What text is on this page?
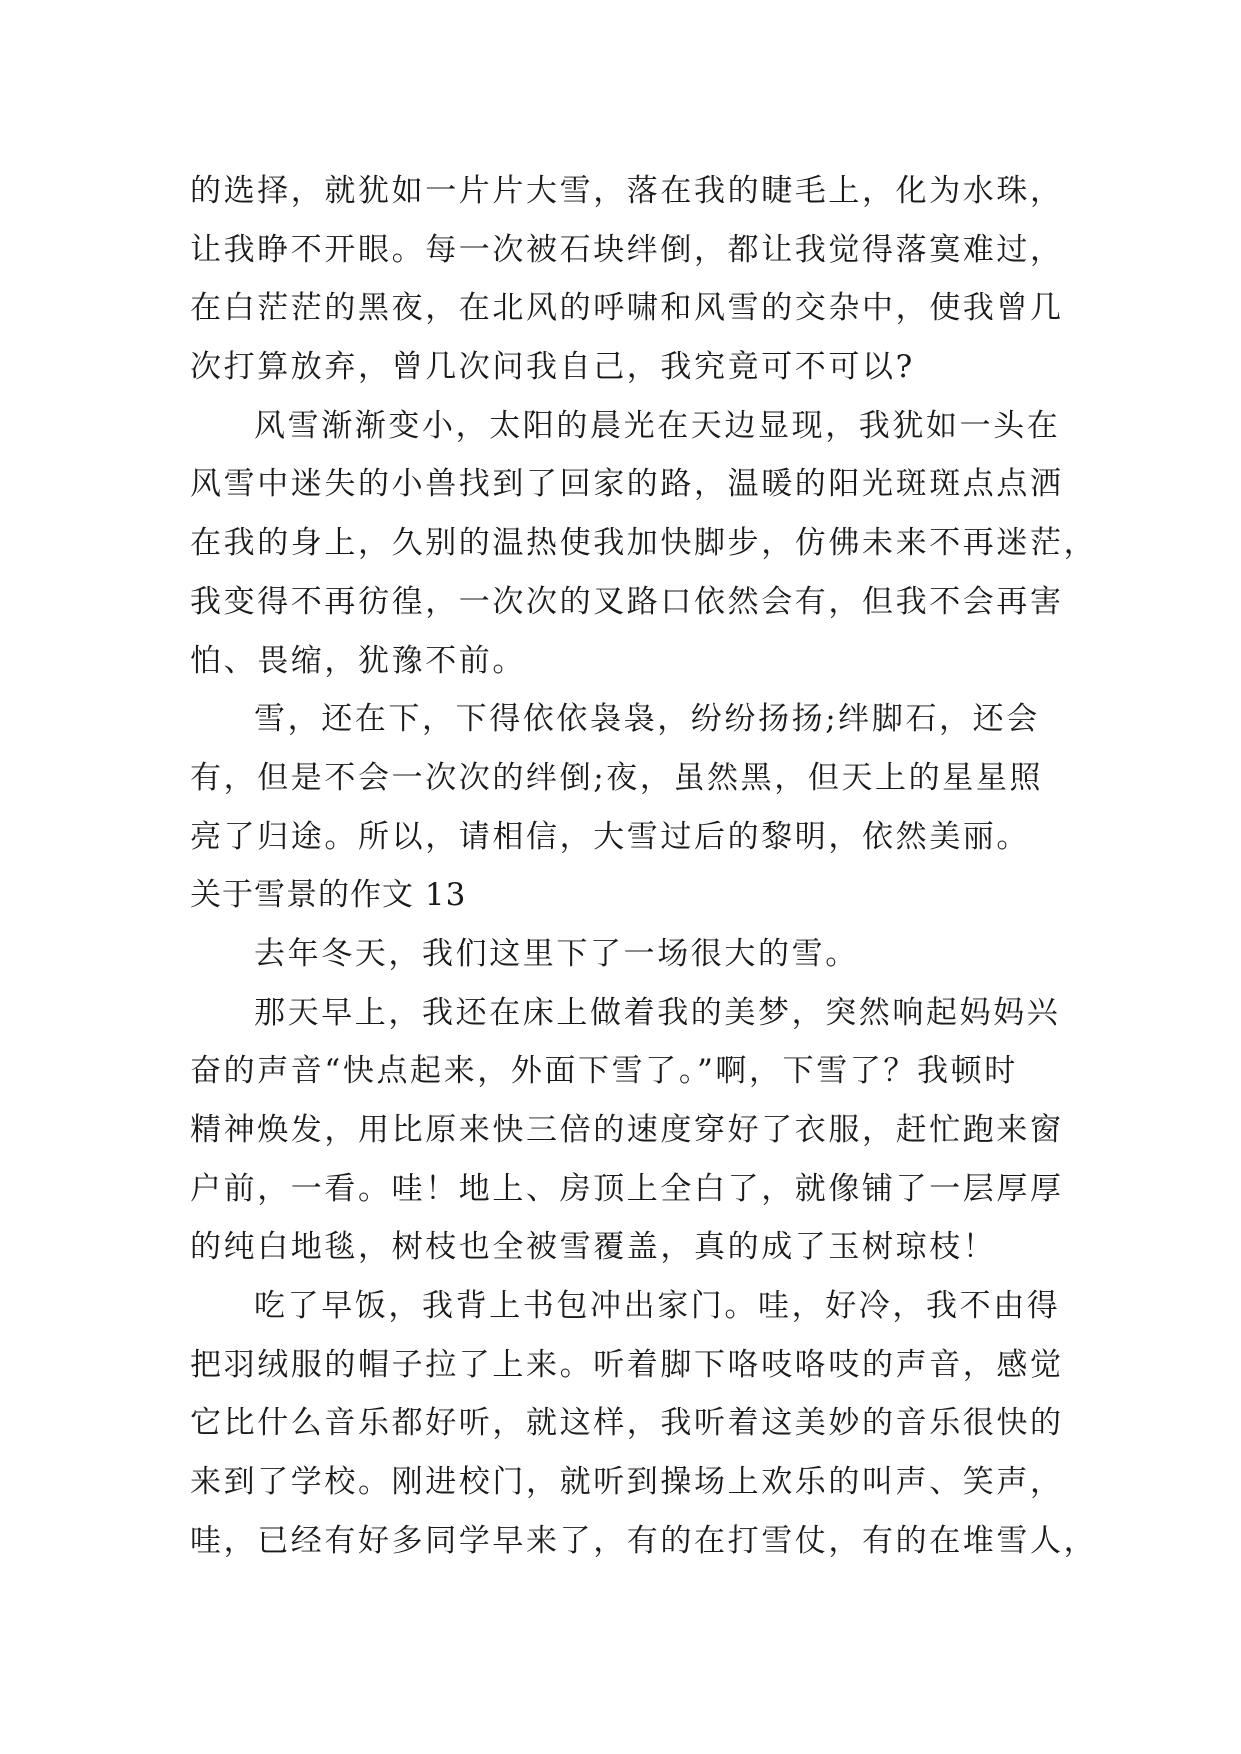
的选择，就犹如一片片大雪，落在我的睫毛上，化为水珠，
让我睁不开眼。每一次被石块绊倒，都让我觉得落寞难过，
在白茫茫的黑夜，在北风的呼啸和风雪的交杂中，使我曾几
次打算放弃，曾几次问我自己，我究竟可不可以?
风雪渐渐变小，太阳的晨光在天边显现，我犹如一头在
风雪中迷失的小兽找到了回家的路，温暖的阳光斑斑点点洒
在我的身上，久别的温热使我加快脚步，仿佛未来不再迷茫，
我变得不再彷徨，一次次的叉路口依然会有，但我不会再害
怕、畏缩，犹豫不前。
雪，还在下，下得依依袅袅，纷纷扬扬;绊脚石，还会
有，但是不会一次次的绊倒;夜，虽然黑，但天上的星星照
亮了归途。所以，请相信，大雪过后的黎明，依然美丽。
关于雪景的作文 13
去年冬天，我们这里下了一场很大的雪。
那天早上，我还在床上做着我的美梦，突然响起妈妈兴
奋的声音“快点起来，外面下雪了。”啊，下雪了？我顿时
精神焕发，用比原来快三倍的速度穿好了衣服，赶忙跑来窗
户前，一看。哇！地上、房顶上全白了，就像铺了一层厚厚
的纯白地毯，树枝也全被雪覆盖，真的成了玉树琼枝！
吃了早饭，我背上书包冲出家门。哇，好冷，我不由得
把羽绒服的帽子拉了上来。听着脚下咯吱咯吱的声音，感觉
它比什么音乐都好听，就这样，我听着这美妙的音乐很快的
来到了学校。刚进校门，就听到操场上欢乐的叫声、笑声，
哇，已经有好多同学早来了，有的在打雪仗，有的在堆雪人，
